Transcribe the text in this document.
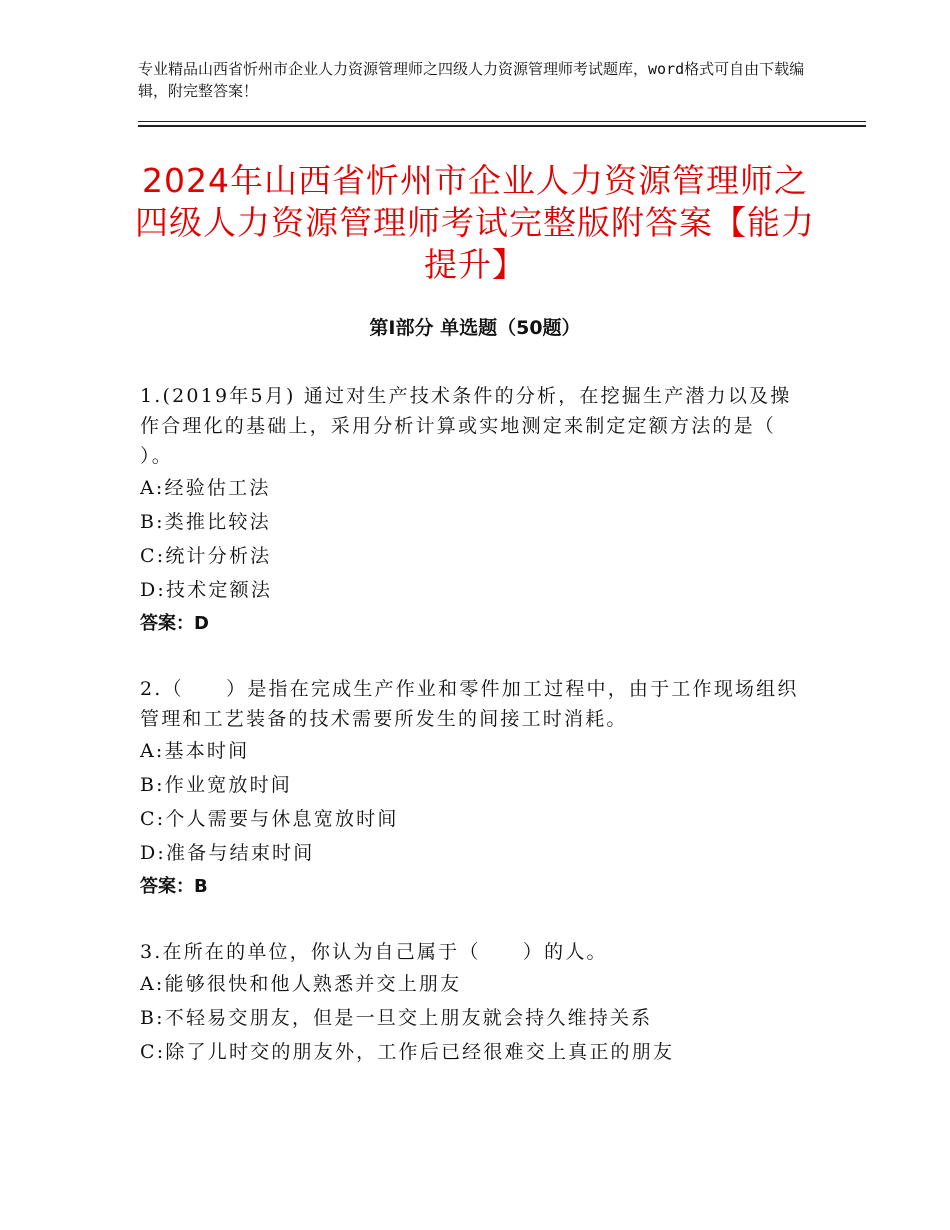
专业精品山西省忻州市企业人力资源管理师之四级人力资源管理师考试题库，word格式可自由下载编辑，附完整答案！
2024年山西省忻州市企业人力资源管理师之四级人力资源管理师考试完整版附答案【能力提升】
第Ⅰ部分 单选题（50题）

1.(2019年5月) 通过对生产技术条件的分析，在挖掘生产潜力以及操作合理化的基础上，采用分析计算或实地测定来制定定额方法的是（ ）。

A:经验估工法
B:类推比较法
C:统计分析法
D:技术定额法
答案：D

2.（　　）是指在完成生产作业和零件加工过程中，由于工作现场组织管理和工艺装备的技术需要所发生的间接工时消耗。

A:基本时间
B:作业宽放时间
C:个人需要与休息宽放时间
D:准备与结束时间
答案：B

3.在所在的单位，你认为自己属于（　　）的人。

A:能够很快和他人熟悉并交上朋友
B:不轻易交朋友，但是一旦交上朋友就会持久维持关系
C:除了儿时交的朋友外，工作后已经很难交上真正的朋友
